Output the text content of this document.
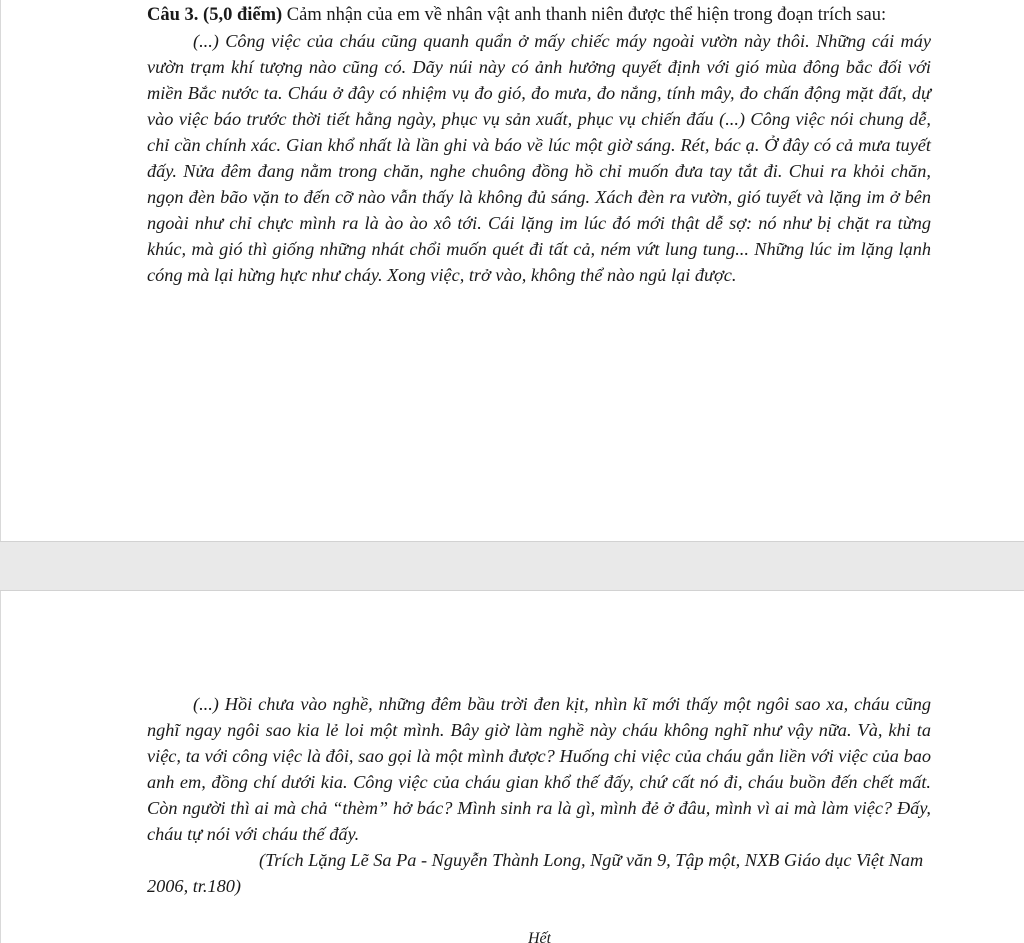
Câu 3. (5,0 điểm) Cảm nhận của em về nhân vật anh thanh niên được thể hiện trong đoạn trích sau:

(...) Công việc của cháu cũng quanh quẩn ở mấy chiếc máy ngoài vườn này thôi. Những cái máy vườn trạm khí tượng nào cũng có. Dãy núi này có ảnh hưởng quyết định với gió mùa đông bắc đối với miền Bắc nước ta. Cháu ở đây có nhiệm vụ đo gió, đo mưa, đo nắng, tính mây, đo chấn động mặt đất, dự vào việc báo trước thời tiết hằng ngày, phục vụ sản xuất, phục vụ chiến đấu (...) Công việc nói chung dễ, chỉ cần chính xác. Gian khổ nhất là lần ghi và báo về lúc một giờ sáng. Rét, bác ạ. Ở đây có cả mưa tuyết đấy. Nửa đêm đang nằm trong chăn, nghe chuông đồng hồ chỉ muốn đưa tay tắt đi. Chui ra khỏi chăn, ngọn đèn bão vặn to đến cỡ nào vẫn thấy là không đủ sáng. Xách đèn ra vườn, gió tuyết và lặng im ở bên ngoài như chỉ chực mình ra là ào ào xô tới. Cái lặng im lúc đó mới thật dễ sợ: nó như bị chặt ra từng khúc, mà gió thì giống những nhát chổi muốn quét đi tất cả, ném vứt lung tung... Những lúc im lặng lạnh cóng mà lại hừng hực như cháy. Xong việc, trở vào, không thể nào ngủ lại được.

(...) Hồi chưa vào nghề, những đêm bầu trời đen kịt, nhìn kĩ mới thấy một ngôi sao xa, cháu cũng nghĩ ngay ngôi sao kia lẻ loi một mình. Bây giờ làm nghề này cháu không nghĩ như vậy nữa. Và, khi ta việc, ta với công việc là đôi, sao gọi là một mình được? Huống chi việc của cháu gắn liền với việc của bao anh em, đồng chí dưới kia. Công việc của cháu gian khổ thế đấy, chứ cất nó đi, cháu buồn đến chết mất. Còn người thì ai mà chả “thèm” hở bác? Mình sinh ra là gì, mình đẻ ở đâu, mình vì ai mà làm việc? Đấy, cháu tự nói với cháu thế đấy.

(Trích Lặng Lẽ Sa Pa - Nguyễn Thành Long, Ngữ văn 9, Tập một, NXB Giáo dục Việt Nam 2006, tr.180)

Hết
